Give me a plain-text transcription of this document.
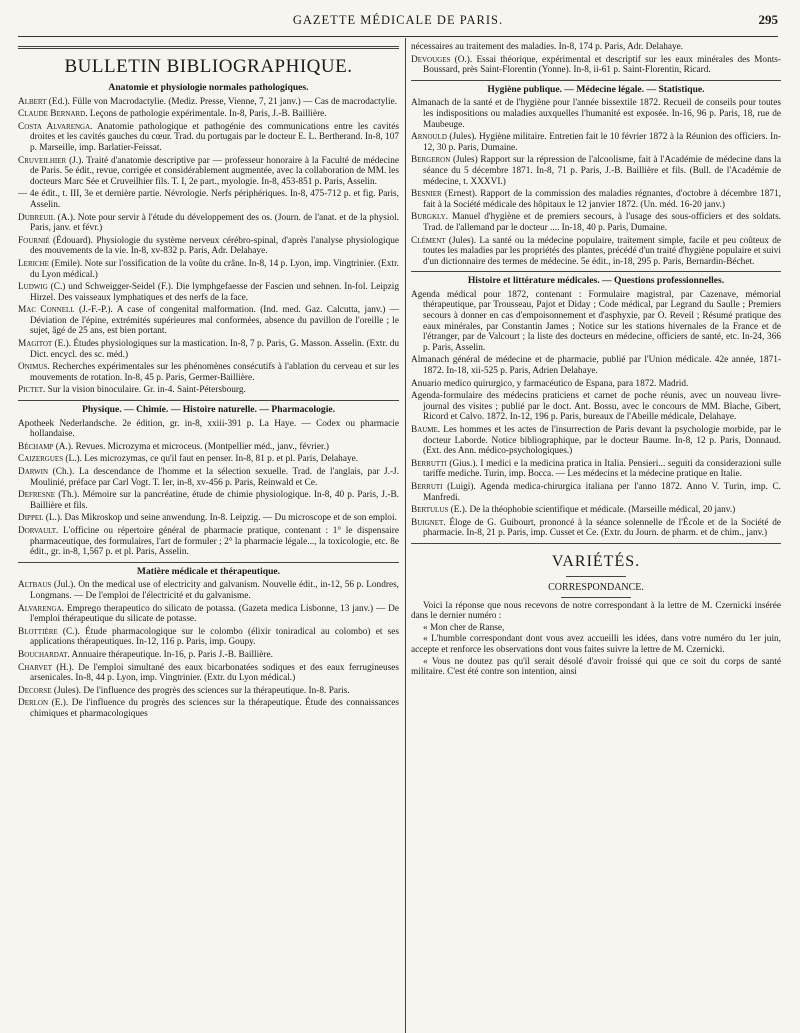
GAZETTE MÉDICALE DE PARIS.	295
BULLETIN BIBLIOGRAPHIQUE.
Anatomie et physiologie normales pathologiques.
Albert (Ed.). Fülle von Macrodactylie. (Mediz. Presse, Vienne, 7, 21 janv.) — Cas de macrodactylie.
Claude Bernard. Leçons de pathologie expérimentale. In-8, Paris, J.-B. Baillière.
Costa Alvarenga. Anatomie pathologique et pathogénie des communications entre les cavités droites et les cavités gauches du cœur. Trad. du portugais par le docteur E. L. Bertherand. In-8, 107 p. Marseille, imp. Barlatier-Feissat.
Cruveilhier (J.). Traité d'anatomie descriptive par — professeur honoraire à la Faculté de médecine de Paris. 5e édit., revue, corrigée et considérablement augmentée, avec la collaboration de MM. les docteurs Marc Sée et Cruveilhier fils. T. I, 2e part., myologie. In-8, 453-851 p. Paris, Asselin.
— 4e édit., t. III, 3e et dernière partie. Névrologie. Nerfs périphériques. In-8, 475-712 p. et fig. Paris, Asselin.
Dubreuil (A.). Note pour servir à l'étude du développement des os. (Journ. de l'anat. et de la physiol. Paris, janv. et févr.)
Fournié (Édouard). Physiologie du système nerveux cérébro-spinal, d'après l'analyse physiologique des mouvements de la vie. In-8, xv-832 p. Paris, Adr. Delahaye.
Leriche (Emile). Note sur l'ossification de la voûte du crâne. In-8, 14 p. Lyon, imp. Vingtrinier. (Extr. du Lyon médical.)
Ludwig (C.) und Schweigger-Seidel (F.). Die lymphgefaesse der Fascien und sehnen. In-fol. Leipzig Hirzel. Des vaisseaux lymphatiques et des nerfs de la face.
Mac Connell (J.-F.-P.). A case of congenital malformation. (Ind. med. Gaz. Calcutta, janv.) — Déviation de l'épine, extrémités supérieures mal conformées, absence du pavillon de l'oreille ; le sujet, âgé de 25 ans, est bien portant.
Magitot (E.). Études physiologiques sur la mastication. In-8, 7 p. Paris, G. Masson. Asselin. (Extr. du Dict. encycl. des sc. méd.)
Onimus. Recherches expérimentales sur les phénomènes consécutifs à l'ablation du cerveau et sur les mouvements de rotation. In-8, 45 p. Paris, Germer-Baillière.
Pictet. Sur la vision binoculaire. Gr. in-4. Saint-Pétersbourg.
Physique. — Chimie. — Histoire naturelle. — Pharmacologie.
Apotheek Nederlandsche. 2e édition, gr. in-8, xxiii-391 p. La Haye. — Codex ou pharmacie hollandaise.
Béchamp (A.). Revues. Microzyma et microceus. (Montpellier méd., janv., février.)
Caizergues (L.). Les microzymas, ce qu'il faut en penser. In-8, 81 p. et pl. Paris, Delahaye.
Darwin (Ch.). La descendance de l'homme et la sélection sexuelle. Trad. de l'anglais, par J.-J. Moulinié, préface par Carl Vogt. T. Ier, in-8, xv-456 p. Paris, Reinwald et Ce.
Defresne (Th.). Mémoire sur la pancréatine, étude de chimie physiologique. In-8, 40 p. Paris, J.-B. Baillière et fils.
Dippel (L.). Das Mikroskop und seine anwendung. In-8. Leipzig. — Du microscope et de son emploi.
Dorvault. L'officine ou répertoire général de pharmacie pratique, contenant : 1° le dispensaire pharmaceutique, des formulaires, l'art de formuler ; 2° la pharmacie légale..., la toxicologie, etc. 8e édit., gr. in-8, 1,567 p. et pl. Paris, Asselin.
Matière médicale et thérapeutique.
Altbaus (Jul.). On the medical use of electricity and galvanism. Nouvelle édit., in-12, 56 p. Londres, Longmans. — De l'emploi de l'électricité et du galvanisme.
Alvarenga. Emprego therapeutico do silicato de potassa. (Gazeta medica Lisbonne, 13 janv.) — De l'emploi thérapeutique du silicate de potasse.
Blottière (C.). Étude pharmacologique sur le colombo (élixir toniradical au colombo) et ses applications thérapeutiques. In-12, 116 p. Paris, imp. Goupy.
Bouchardat. Annuaire thérapeutique. In-16, p. Paris J.-B. Baillière.
Charvet (H.). De l'emploi simultané des eaux bicarbonatées sodiques et des eaux ferrugineuses arsenicales. In-8, 44 p. Lyon, imp. Vingtrinier. (Extr. du Lyon médical.)
Decorse (Jules). De l'influence des progrès des sciences sur la thérapeutique. In-8. Paris.
Derlon (E.). De l'influence du progrès des sciences sur la thérapeutique. Étude des connaissances chimiques et pharmacologiques
nécessaires au traitement des maladies. In-8, 174 p. Paris, Adr. Delahaye.
Devouges (O.). Essai théorique, expérimental et descriptif sur les eaux minérales des Monts-Boussard, près Saint-Florentin (Yonne). In-8, ii-61 p. Saint-Florentin, Ricard.
Hygiène publique. — Médecine légale. — Statistique.
Almanach de la santé et de l'hygiène pour l'année bissextile 1872. Recueil de conseils pour toutes les indispositions ou maladies auxquelles l'humanité est exposée. In-16, 96 p. Paris, 18, rue de Maubeuge.
Arnould (Jules). Hygiène militaire. Entretien fait le 10 février 1872 à la Réunion des officiers. In-12, 30 p. Paris, Dumaine.
Bergeron (Jules) Rapport sur la répression de l'alcoolisme, fait à l'Académie de médecine dans la séance du 5 décembre 1871. In-8, 71 p. Paris, J.-B. Baillière et fils. (Bull. de l'Académie de médecine, t. XXXVI.)
Besnier (Ernest). Rapport de la commission des maladies régnantes, d'octobre à décembre 1871, fait à la Société médicale des hôpitaux le 12 janvier 1872. (Un. méd. 16-20 janv.)
Burgkly. Manuel d'hygiène et de premiers secours, à l'usage des sous-officiers et des soldats. Trad. de l'allemand par le docteur .... In-18, 40 p. Paris, Dumaine.
Clément (Jules). La santé ou la médecine populaire, traitement simple, facile et peu coûteux de toutes les maladies par les propriétés des plantes, précédé d'un traité d'hygiène populaire et suivi d'un dictionnaire des termes de médecine. 5e édit., in-18, 295 p. Paris, Bernardin-Béchet.
Histoire et littérature médicales. — Questions professionnelles.
Agenda médical pour 1872, contenant : Formulaire magistral, par Cazenave, mémorial thérapeutique, par Trousseau, Pajot et Diday ; Code médical, par Legrand du Saulle ; Premiers secours à donner en cas d'empoisonnement et d'asphyxie, par O. Reveil ; Résumé pratique des eaux minérales, par Constantin James ; Notice sur les stations hivernales de la France et de l'étranger, par de Valcourt ; la liste des docteurs en médecine, officiers de santé, etc. In-24, 366 p. Paris, Asselin.
Almanach général de médecine et de pharmacie, publié par l'Union médicale. 42e année, 1871-1872. In-18, xii-525 p. Paris, Adrien Delahaye.
Anuario medico quirurgico, y farmacéutico de Espana, para 1872. Madrid.
Agenda-formulaire des médecins praticiens et carnet de poche réunis, avec un nouveau livre-journal des visites ; publié par le doct. Ant. Bossu, avec le concours de MM. Blache, Gibert, Ricord et Calvo. 1872. In-12, 196 p. Paris, bureaux de l'Abeille médicale, Delahaye.
Baume. Les hommes et les actes de l'insurrection de Paris devant la psychologie morbide, par le docteur Laborde. Notice bibliographique, par le docteur Baume. In-8, 12 p. Paris, Donnaud. (Ext. des Ann. médico-psychologiques.)
Berrutti (Gius.). I medici e la medicina pratica in Italia. Pensieri... seguiti da considerazioni sulle tariffe mediche. Turin, imp. Bocca. — Les médecins et la médecine pratique en Italie.
Berruti (Luigi). Agenda medica-chirurgica italiana per l'anno 1872. Anno V. Turin, imp. C. Manfredi.
Bertulus (E.). De la théophobie scientifique et médicale. (Marseille médical, 20 janv.)
Buignet. Éloge de G. Guibourt, prononcé à la séance solennelle de l'École et de la Société de pharmacie. In-8, 21 p. Paris, imp. Cusset et Ce. (Extr. du Journ. de pharm. et de chim., janv.)
VARIÉTÉS.
CORRESPONDANCE.
Voici la réponse que nous recevons de notre correspondant à la lettre de M. Czernicki insérée dans le dernier numéro :
« Mon cher de Ranse,
« L'humble correspondant dont vous avez accueilli les idées, dans votre numéro du 1er juin, accepte et renforce les observations dont vous faites suivre la lettre de M. Czernicki.
« Vous ne doutez pas qu'il serait désolé d'avoir froissé qui que ce soit du corps de santé militaire. C'est été contre son intention, ainsi
